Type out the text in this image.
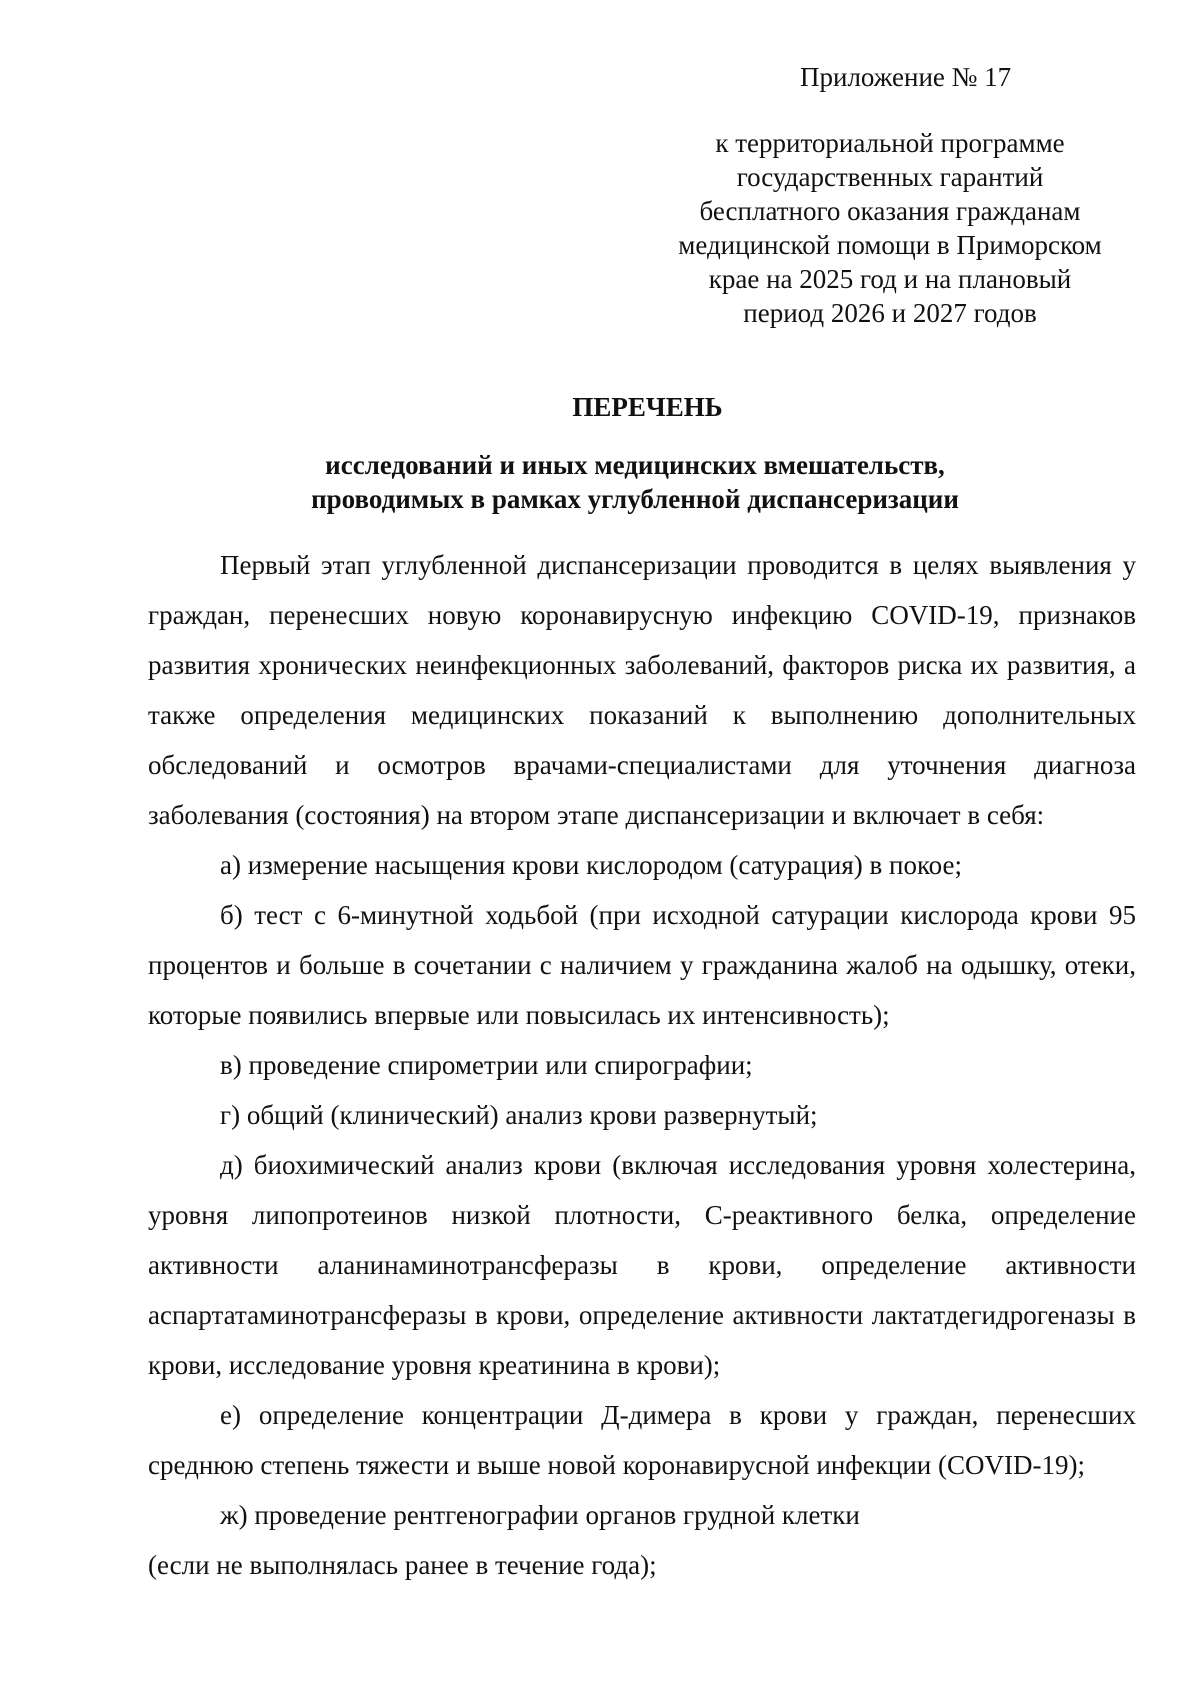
Приложение № 17
к территориальной программе
государственных гарантий
бесплатного оказания гражданам
медицинской помощи в Приморском
крае на 2025 год и на плановый
период 2026 и 2027 годов
ПЕРЕЧЕНЬ
исследований и иных медицинских вмешательств,
проводимых в рамках углубленной диспансеризации

Первый этап углубленной диспансеризации проводится в целях выявления у граждан, перенесших новую коронавирусную инфекцию COVID-19, признаков развития хронических неинфекционных заболеваний, факторов риска их развития, а также определения медицинских показаний к выполнению дополнительных обследований и осмотров врачами-специалистами для уточнения диагноза заболевания (состояния) на втором этапе диспансеризации и включает в себя:

а) измерение насыщения крови кислородом (сатурация) в покое;

б) тест с 6-минутной ходьбой (при исходной сатурации кислорода крови 95 процентов и больше в сочетании с наличием у гражданина жалоб на одышку, отеки, которые появились впервые или повысилась их интенсивность);

в) проведение спирометрии или спирографии;

г) общий (клинический) анализ крови развернутый;

д) биохимический анализ крови (включая исследования уровня холестерина, уровня липопротеинов низкой плотности, С-реактивного белка, определение активности аланинаминотрансферазы в крови, определение активности аспартатаминотрансферазы в крови, определение активности лактатдегидрогеназы в крови, исследование уровня креатинина в крови);

е) определение концентрации Д-димера в крови у граждан, перенесших среднюю степень тяжести и выше новой коронавирусной инфекции (COVID-19);

ж) проведение рентгенографии органов грудной клетки

(если не выполнялась ранее в течение года);
